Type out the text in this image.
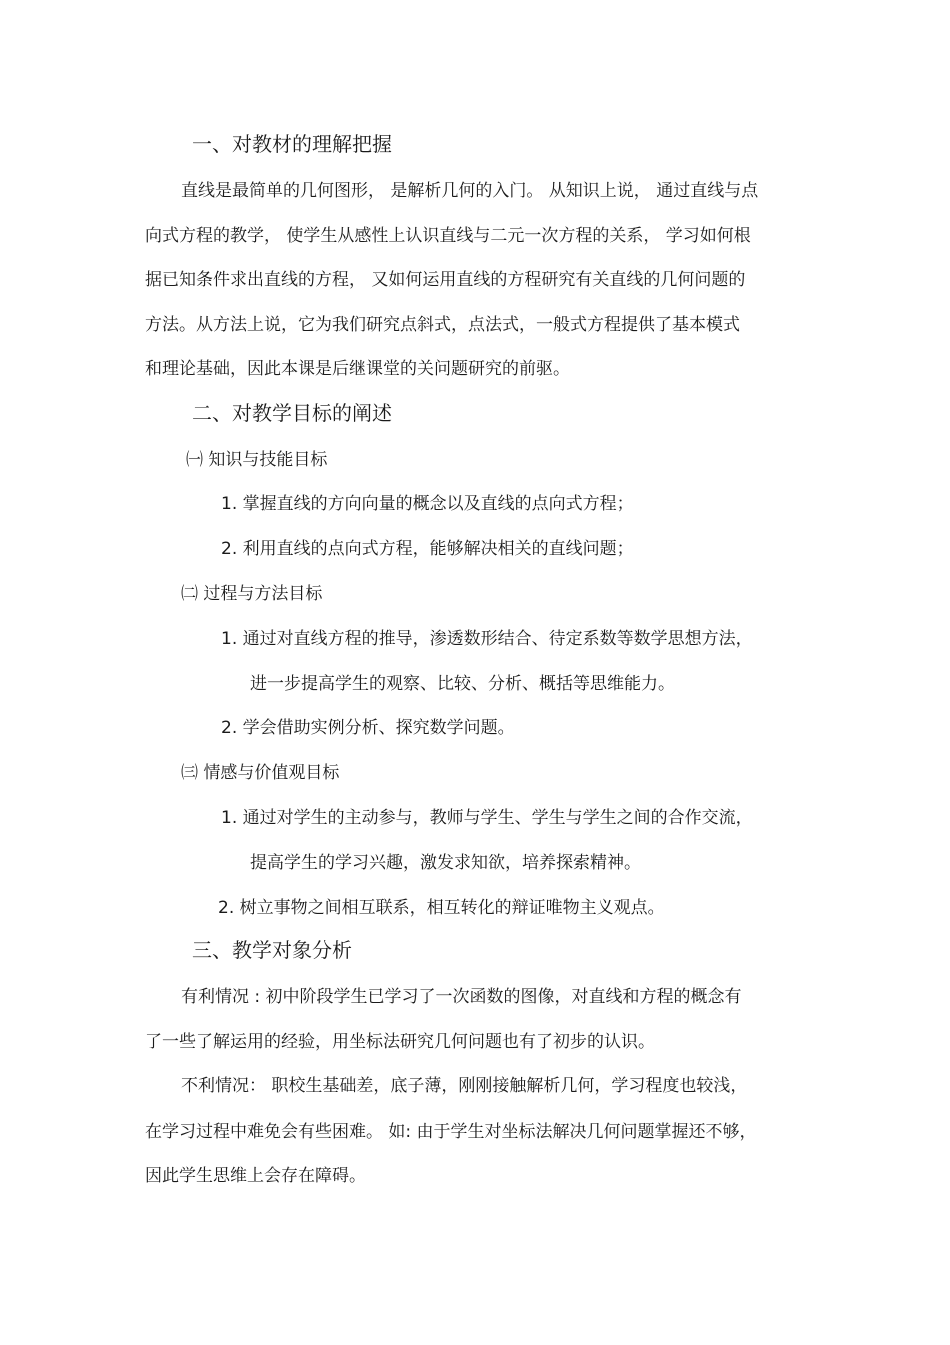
一、对教材的理解把握
直线是最简单的几何图形， 是解析几何的入门。 从知识上说， 通过直线与点
向式方程的教学， 使学生从感性上认识直线与二元一次方程的关系， 学习如何根
据已知条件求出直线的方程， 又如何运用直线的方程研究有关直线的几何问题的
方法。从方法上说，它为我们研究点斜式，点法式，一般式方程提供了基本模式
和理论基础，因此本课是后继课堂的关问题研究的前驱。
二、对教学目标的阐述
㈠ 知识与技能目标
1. 掌握直线的方向向量的概念以及直线的点向式方程；
2. 利用直线的点向式方程，能够解决相关的直线问题；
㈡ 过程与方法目标
1. 通过对直线方程的推导，渗透数形结合、待定系数等数学思想方法，
进一步提高学生的观察、比较、分析、概括等思维能力。
2. 学会借助实例分析、探究数学问题。
㈢ 情感与价值观目标
1. 通过对学生的主动参与，教师与学生、学生与学生之间的合作交流，
提高学生的学习兴趣，激发求知欲，培养探索精神。
2. 树立事物之间相互联系，相互转化的辩证唯物主义观点。
三、教学对象分析
有利情况 : 初中阶段学生已学习了一次函数的图像，对直线和方程的概念有
了一些了解运用的经验，用坐标法研究几何问题也有了初步的认识。
不利情况： 职校生基础差，底子薄，刚刚接触解析几何，学习程度也较浅，
在学习过程中难免会有些困难。 如: 由于学生对坐标法解决几何问题掌握还不够，
因此学生思维上会存在障碍。
